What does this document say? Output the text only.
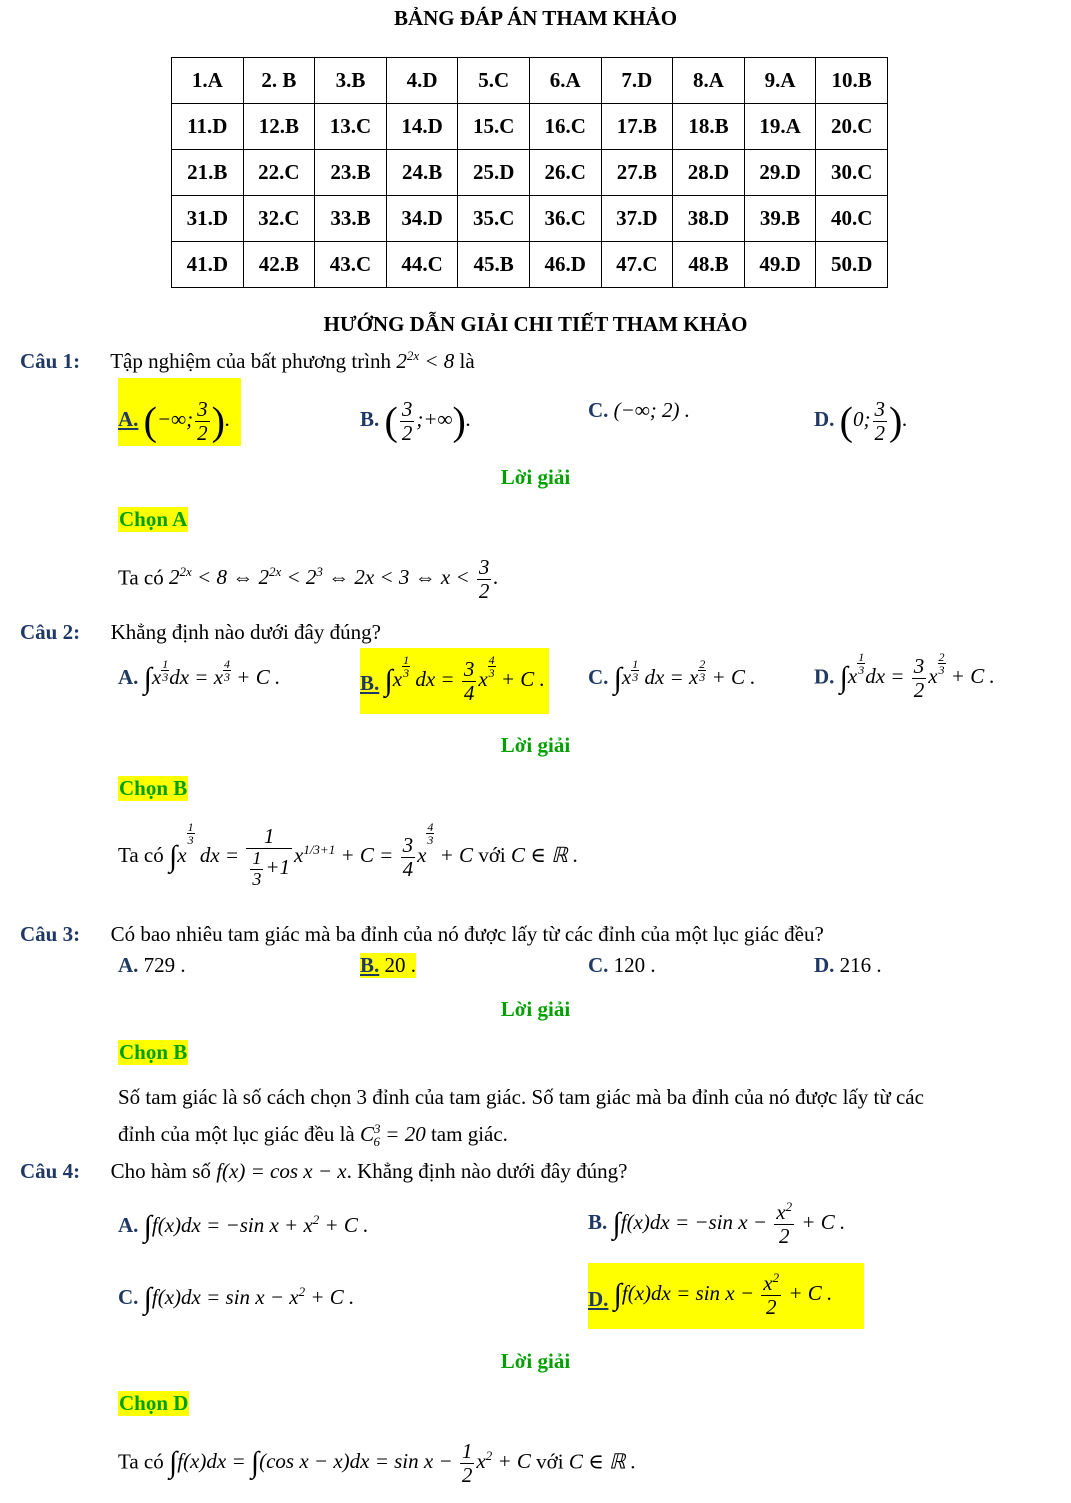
BẢNG ĐÁP ÁN THAM KHẢO
1.A	2. B	3.B	4.D	5.C	6.A	7.D	8.A	9.A	10.B
11.D	12.B	13.C	14.D	15.C	16.C	17.B	18.B	19.A	20.C
21.B	22.C	23.B	24.B	25.D	26.C	27.B	28.D	29.D	30.C
31.D	32.C	33.B	34.D	35.C	36.C	37.D	38.D	39.B	40.C
41.D	42.B	43.C	44.C	45.B	46.D	47.C	48.B	49.D	50.D
HƯỚNG DẪN GIẢI CHI TIẾT THAM KHẢO
Câu 1: Tập nghiệm của bất phương trình $2^{2x} < 8$ là
A. (−∞; $\frac{3}{2}$ ).	B. ( $\frac{3}{2}$ ;+∞).	C. (−∞; 2) .	D. (0; $\frac{3}{2}$ ).
Lời giải
Chọn A
Ta có $2^{2x} < 8$ ⇔ $2^{2x} < 2^3$ ⇔ 2x < 3 ⇔ $x < \frac{3}{2}$ .
Câu 2: Khẳng định nào dưới đây đúng?
A. $\int x \frac{1}{3}$ dx = x $\frac{4}{3} + C$ .	B. ∫x
$\frac{1}{3}$
dx = $\frac{3}{4}$ x
$\frac{4}{3}$
+ C . C. $\int x \frac{1}{3}$ dx = x $\frac{2}{3} + C$ .	D. ∫x
$\frac{1}{3}$
dx = $\frac{3}{2}$ x
$\frac{2}{3}$
+ C .
Lời giải
Chọn B
Ta có ∫x
$\frac{1}{3}$
dx = $\frac{1}{\frac{1}{3} +1} x^{1/3+1} + C = \frac{3}{4}$ x
$\frac{4}{3}$
+ C với C ∈ ℝ .
Câu 3: Có bao nhiêu tam giác mà ba đỉnh của nó được lấy từ các đỉnh của một lục giác đều?
A. 729 .	B. 20 .	C. 120 .	D. 216 .
Lời giải
Chọn B
Số tam giác là số cách chọn 3 đỉnh của tam giác. Số tam giác mà ba đỉnh của nó được lấy từ các
đỉnh của một lục giác đều là $C^3_6 = 20$ tam giác.
Câu 4: Cho hàm số f(x) = cos x − x. Khẳng định nào dưới đây đúng?
A. ∫f(x)dx = −sin $x + x^2 + C$ .	B. ∫f(x)dx = −sin $x - \frac{x^2}{2} + C$ .
C. $\int f(x)dx = \sin x - x^2 + C$ .	D. $\int f(x)dx = \sin x - \frac{x^2}{2} + C$ .
Lời giải
Chọn D
Ta có ∫f(x)dx = ∫(cos $x - x)dx = \sin x - \frac{1}{2} x^2 + C$ với C ∈ ℝ .
